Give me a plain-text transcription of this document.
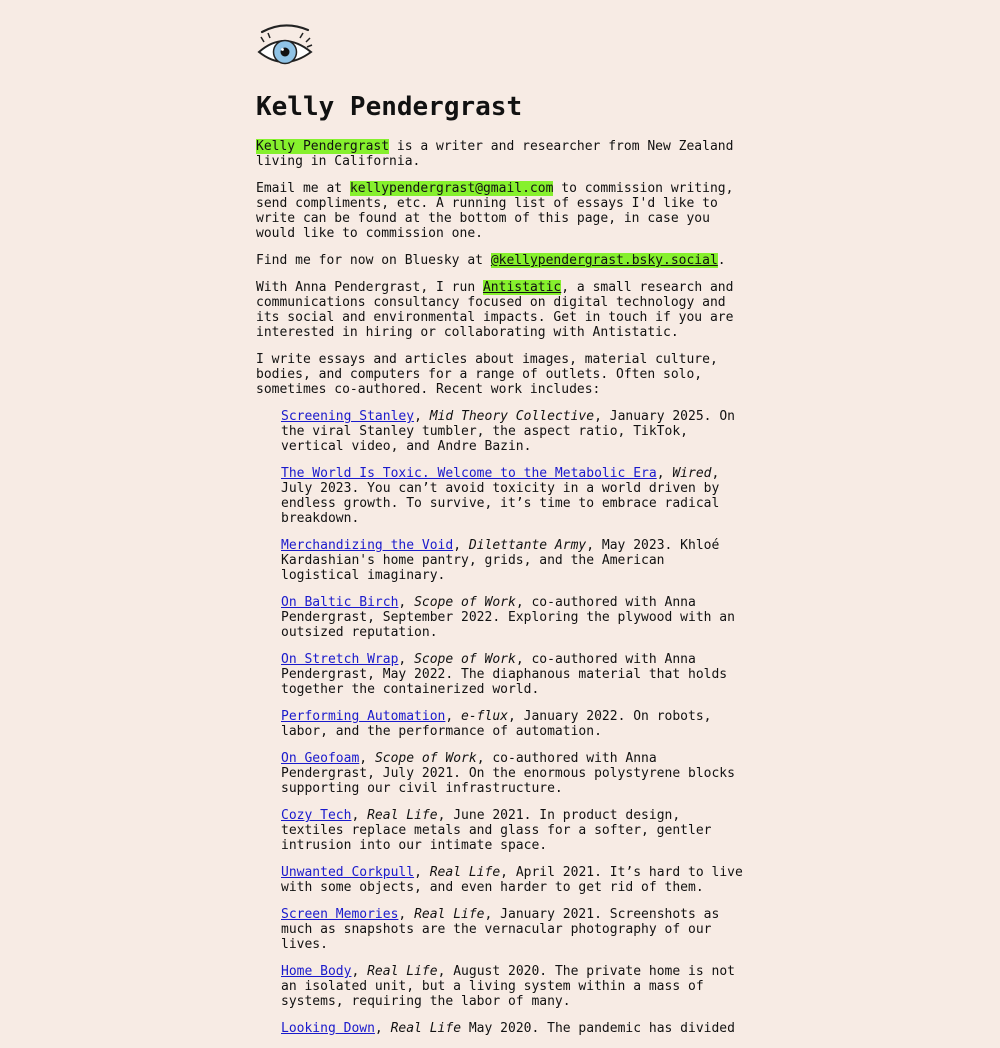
Kelly Pendergrast

Kelly Pendergrast is a writer and researcher from New Zealand living in California.

Email me at kellypendergrast@gmail.com to commission writing, send compliments, etc. A running list of essays I'd like to write can be found at the bottom of this page, in case you would like to commission one.

Find me for now on Bluesky at @kellypendergrast.bsky.social.

With Anna Pendergrast, I run Antistatic, a small research and communications consultancy focused on digital technology and its social and environmental impacts. Get in touch if you are interested in hiring or collaborating with Antistatic.

I write essays and articles about images, material culture, bodies, and computers for a range of outlets. Often solo, sometimes co-authored. Recent work includes:

Screening Stanley, Mid Theory Collective, January 2025. On the viral Stanley tumbler, the aspect ratio, TikTok, vertical video, and Andre Bazin.
The World Is Toxic. Welcome to the Metabolic Era, Wired, July 2023. You can’t avoid toxicity in a world driven by endless growth. To survive, it’s time to embrace radical breakdown.
Merchandizing the Void, Dilettante Army, May 2023. Khloé Kardashian's home pantry, grids, and the American logistical imaginary.
On Baltic Birch, Scope of Work, co-authored with Anna Pendergrast, September 2022. Exploring the plywood with an outsized reputation.
On Stretch Wrap, Scope of Work, co-authored with Anna Pendergrast, May 2022. The diaphanous material that holds together the containerized world.
Performing Automation, e-flux, January 2022. On robots, labor, and the performance of automation.
On Geofoam, Scope of Work, co-authored with Anna Pendergrast, July 2021. On the enormous polystyrene blocks supporting our civil infrastructure.
Cozy Tech, Real Life, June 2021. In product design, textiles replace metals and glass for a softer, gentler intrusion into our intimate space.
Unwanted Corkpull, Real Life, April 2021. It’s hard to live with some objects, and even harder to get rid of them.
Screen Memories, Real Life, January 2021. Screenshots as much as snapshots are the vernacular photography of our lives.
Home Body, Real Life, August 2020. The private home is not an isolated unit, but a living system within a mass of systems, requiring the labor of many.
Looking Down, Real Life May 2020. The pandemic has divided
